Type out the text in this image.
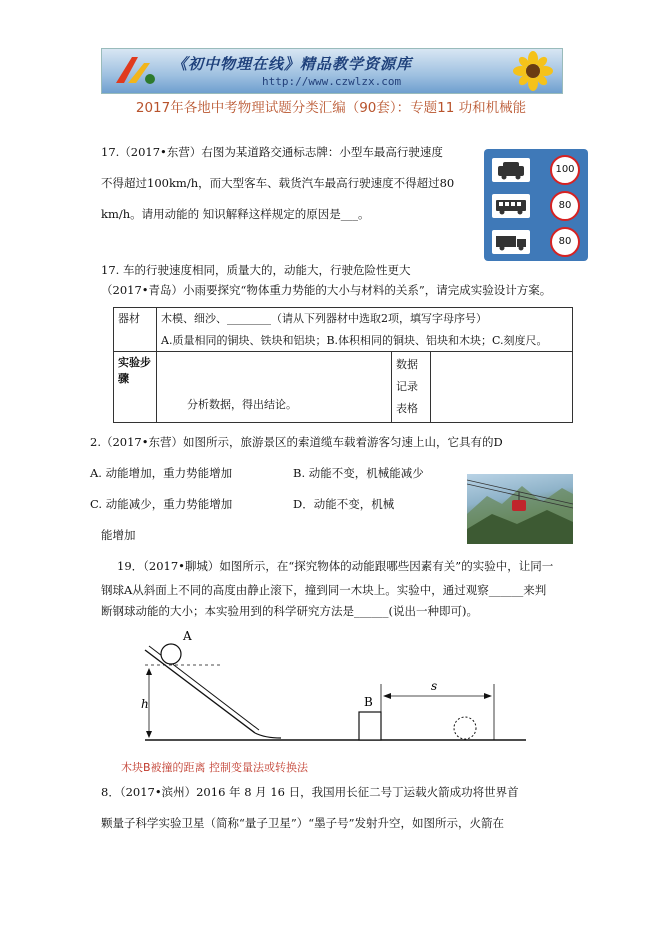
《初中物理在线》精品教学资源库
http://www.czwlzx.com
2017年各地中考物理试题分类汇编（90套）：专题11 功和机械能
17.（2017•东营）右图为某道路交通标志牌：小型车最高行驶速度
不得超过100km/h，而大型客车、载货汽车最高行驶速度不得超过80
km/h。请用动能的 知识解释这样规定的原因是___。
100
80
80
17. 车的行驶速度相同，质量大的，动能大，行驶危险性更大
（2017•青岛）小雨要探究“物体重力势能的大小与材料的关系”，请完成实验设计方案。
器材	木模、细沙、________（请从下列器材中选取2项，填写字母序号）
A.质量相同的铜块、铁块和铝块；B.体积相同的铜块、铝块和木块；C.刻度尺。		

实验步骤	分析数据，得出结论。	数据记录表格	
2.（2017•东营）如图所示，旅游景区的索道缆车载着游客匀速上山，它具有的D
A. 动能增加，重力势能增加	B. 动能不变，机械能减少
C. 动能减少，重力势能增加	D．动能不变，机械
能增加
19．（2017•聊城）如图所示，在“探究物体的动能跟哪些因素有关”的实验中，让同一
钢球A从斜面上不同的高度由静止滚下，撞到同一木块上。实验中，通过观察______来判
断钢球动能的大小；本实验用到的科学研究方法是______(说出一种即可)。
A
h	B
s
木块B被撞的距离 控制变量法或转换法
8．（2017•滨州）2016 年 8 月 16 日，我国用长征二号丁运载火箭成功将世界首
颗量子科学实验卫星（简称“量子卫星”）“墨子号”发射升空，如图所示，火箭在
